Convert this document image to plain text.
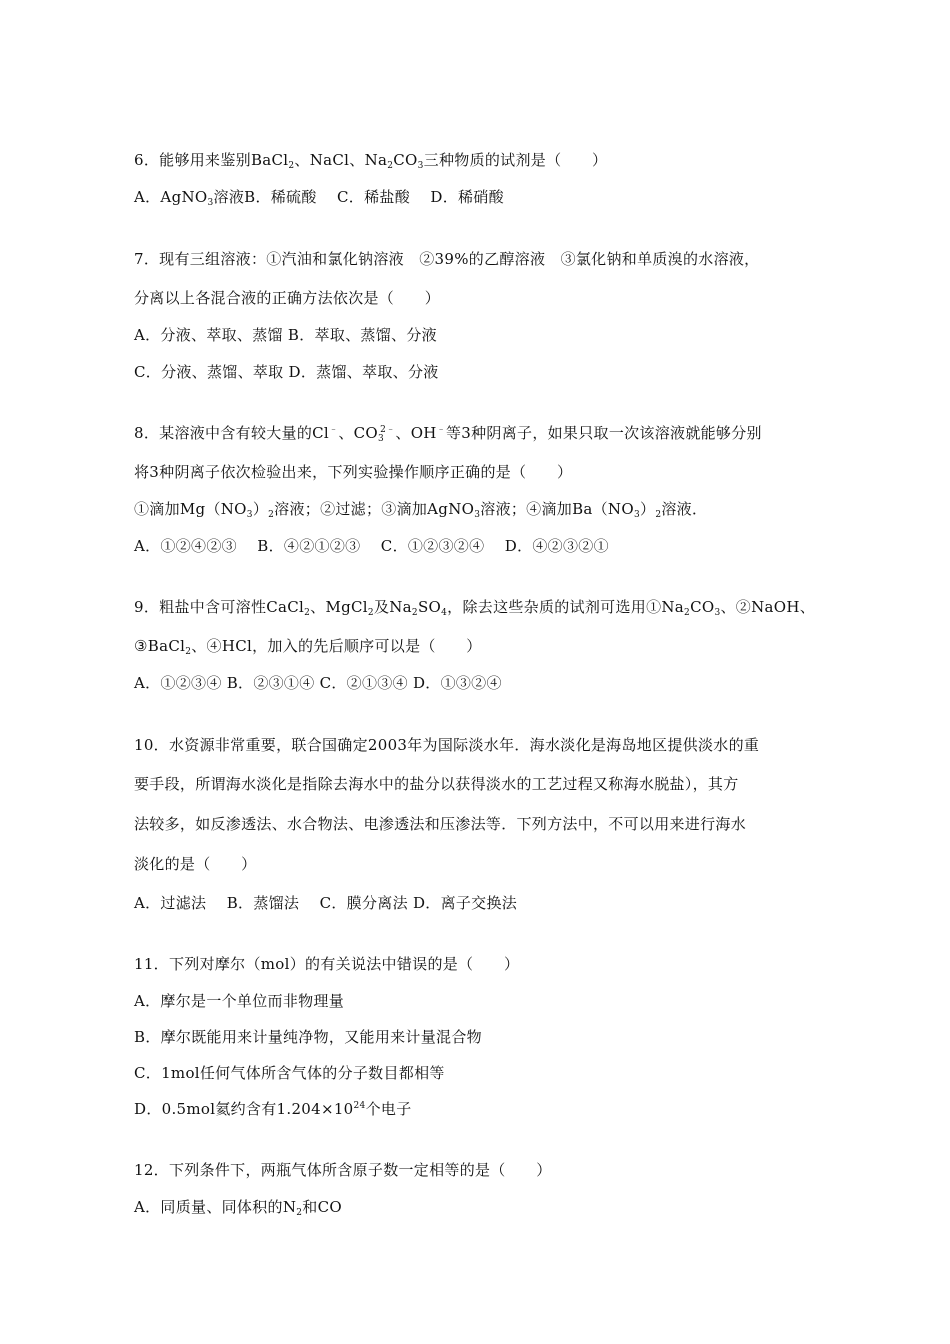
6．能够用来鉴别BaCl$_2$、NaCl、$Na_2CO_3$三种物质的试剂是（　　）
A．AgNO$_3$溶液B．稀硫酸　 C．稀盐酸　 D．稀硝酸
7．现有三组溶液：①汽油和氯化钠溶液　②39%的乙醇溶液　③氯化钠和单质溴的水溶液，
分离以上各混合液的正确方法依次是（　　）
A．分液、萃取、蒸馏 B．萃取、蒸馏、分液
C．分液、蒸馏、萃取 D．蒸馏、萃取、分液
8．某溶液中含有较大量的Cl﹣、$CO_3^{2﹣}$、OH﹣等3种阴离子，如果只取一次该溶液就能够分别
将3种阴离子依次检验出来，下列实验操作顺序正确的是（　　）
①滴加$Mg(NO_3)_2$溶液；②过滤；③滴加AgNO$_3$溶液；④滴加$Ba(NO_3)_2$溶液．
A．①②④②③　 B．④②①②③　 C．①②③②④　 D．④②③②①
9．粗盐中含可溶性CaCl$_2$、MgCl$_2$及$Na_2SO_4$，除去这些杂质的试剂可选用$①Na_2CO_3$、②NaOH、
③BaCl$_2$、④HCl，加入的先后顺序可以是（　　）
A．①②③④ B．②③①④ C．②①③④ D．①③②④
10．水资源非常重要，联合国确定2003年为国际淡水年．海水淡化是海岛地区提供淡水的重
要手段，所谓海水淡化是指除去海水中的盐分以获得淡水的工艺过程又称海水脱盐），其方
法较多，如反渗透法、水合物法、电渗透法和压渗法等．下列方法中，不可以用来进行海水
淡化的是（　　）
A．过滤法　 B．蒸馏法　 C．膜分离法 D．离子交换法
11．下列对摩尔（mol）的有关说法中错误的是（　　）
A．摩尔是一个单位而非物理量
B．摩尔既能用来计量纯净物，又能用来计量混合物
C．1mol任何气体所含气体的分子数目都相等
D．0.5mol氦约含有$1.204\times 10^{24}$个电子
12．下列条件下，两瓶气体所含原子数一定相等的是（　　）
A．同质量、同体积的$N_2$和CO
